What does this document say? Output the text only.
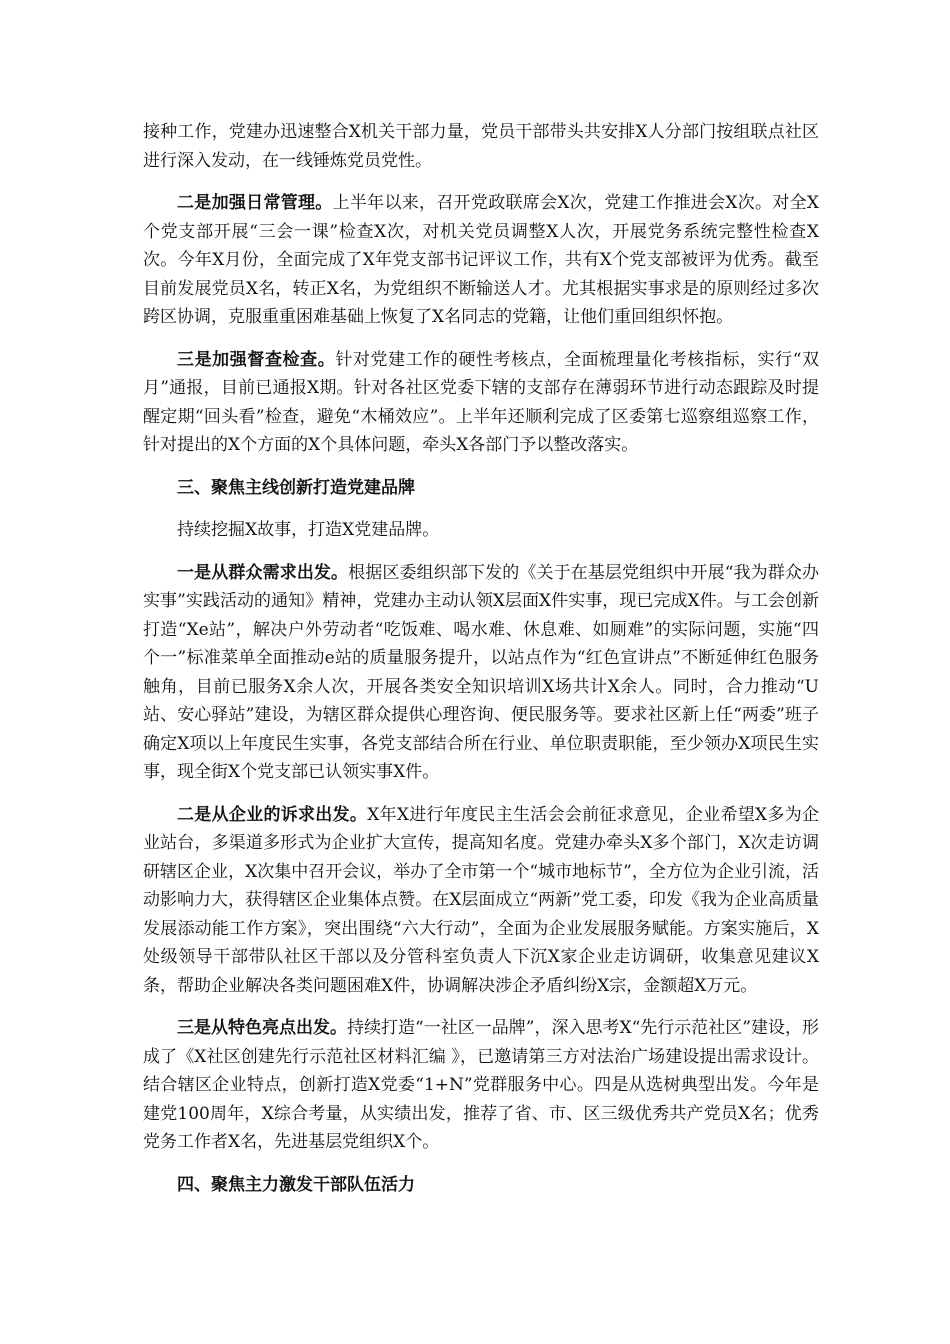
接种工作，党建办迅速整合X机关干部力量，党员干部带头共安排X人分部门按组联点社区进行深入发动，在一线锤炼党员党性。

二是加强日常管理。上半年以来，召开党政联席会X次，党建工作推进会X次。对全X个党支部开展“三会一课”检查X次，对机关党员调整X人次，开展党务系统完整性检查X次。今年X月份，全面完成了X年党支部书记评议工作，共有X个党支部被评为优秀。截至目前发展党员X名，转正X名，为党组织不断输送人才。尤其根据实事求是的原则经过多次跨区协调，克服重重困难基础上恢复了X名同志的党籍，让他们重回组织怀抱。

三是加强督查检查。针对党建工作的硬性考核点，全面梳理量化考核指标，实行“双月”通报，目前已通报X期。针对各社区党委下辖的支部存在薄弱环节进行动态跟踪及时提醒定期“回头看”检查，避免“木桶效应”。上半年还顺利完成了区委第七巡察组巡察工作，针对提出的X个方面的X个具体问题，牵头X各部门予以整改落实。

三、聚焦主线创新打造党建品牌

持续挖掘X故事，打造X党建品牌。

一是从群众需求出发。根据区委组织部下发的《关于在基层党组织中开展“我为群众办实事”实践活动的通知》精神，党建办主动认领X层面X件实事，现已完成X件。与工会创新打造“Xe站”，解决户外劳动者“吃饭难、喝水难、休息难、如厕难”的实际问题，实施“四个一”标准菜单全面推动e站的质量服务提升，以站点作为“红色宣讲点”不断延伸红色服务触角，目前已服务X余人次，开展各类安全知识培训X场共计X余人。同时，合力推动“U站、安心驿站”建设，为辖区群众提供心理咨询、便民服务等。要求社区新上任“两委”班子确定X项以上年度民生实事，各党支部结合所在行业、单位职责职能，至少领办X项民生实事，现全街X个党支部已认领实事X件。

二是从企业的诉求出发。X年X进行年度民主生活会会前征求意见，企业希望X多为企业站台，多渠道多形式为企业扩大宣传，提高知名度。党建办牵头X多个部门，X次走访调研辖区企业，X次集中召开会议，举办了全市第一个“城市地标节”，全方位为企业引流，活动影响力大，获得辖区企业集体点赞。在X层面成立“两新”党工委，印发《我为企业高质量发展添动能工作方案》，突出围绕“六大行动”，全面为企业发展服务赋能。方案实施后，X处级领导干部带队社区干部以及分管科室负责人下沉X家企业走访调研，收集意见建议X条，帮助企业解决各类问题困难X件，协调解决涉企矛盾纠纷X宗，金额超X万元。

三是从特色亮点出发。持续打造“一社区一品牌”，深入思考X“先行示范社区”建设，形成了《X社区创建先行示范社区材料汇编 》，已邀请第三方对法治广场建设提出需求设计。结合辖区企业特点，创新打造X党委“1+N”党群服务中心。四是从选树典型出发。今年是建党100周年，X综合考量，从实绩出发，推荐了省、市、区三级优秀共产党员X名；优秀党务工作者X名，先进基层党组织X个。

四、聚焦主力激发干部队伍活力
